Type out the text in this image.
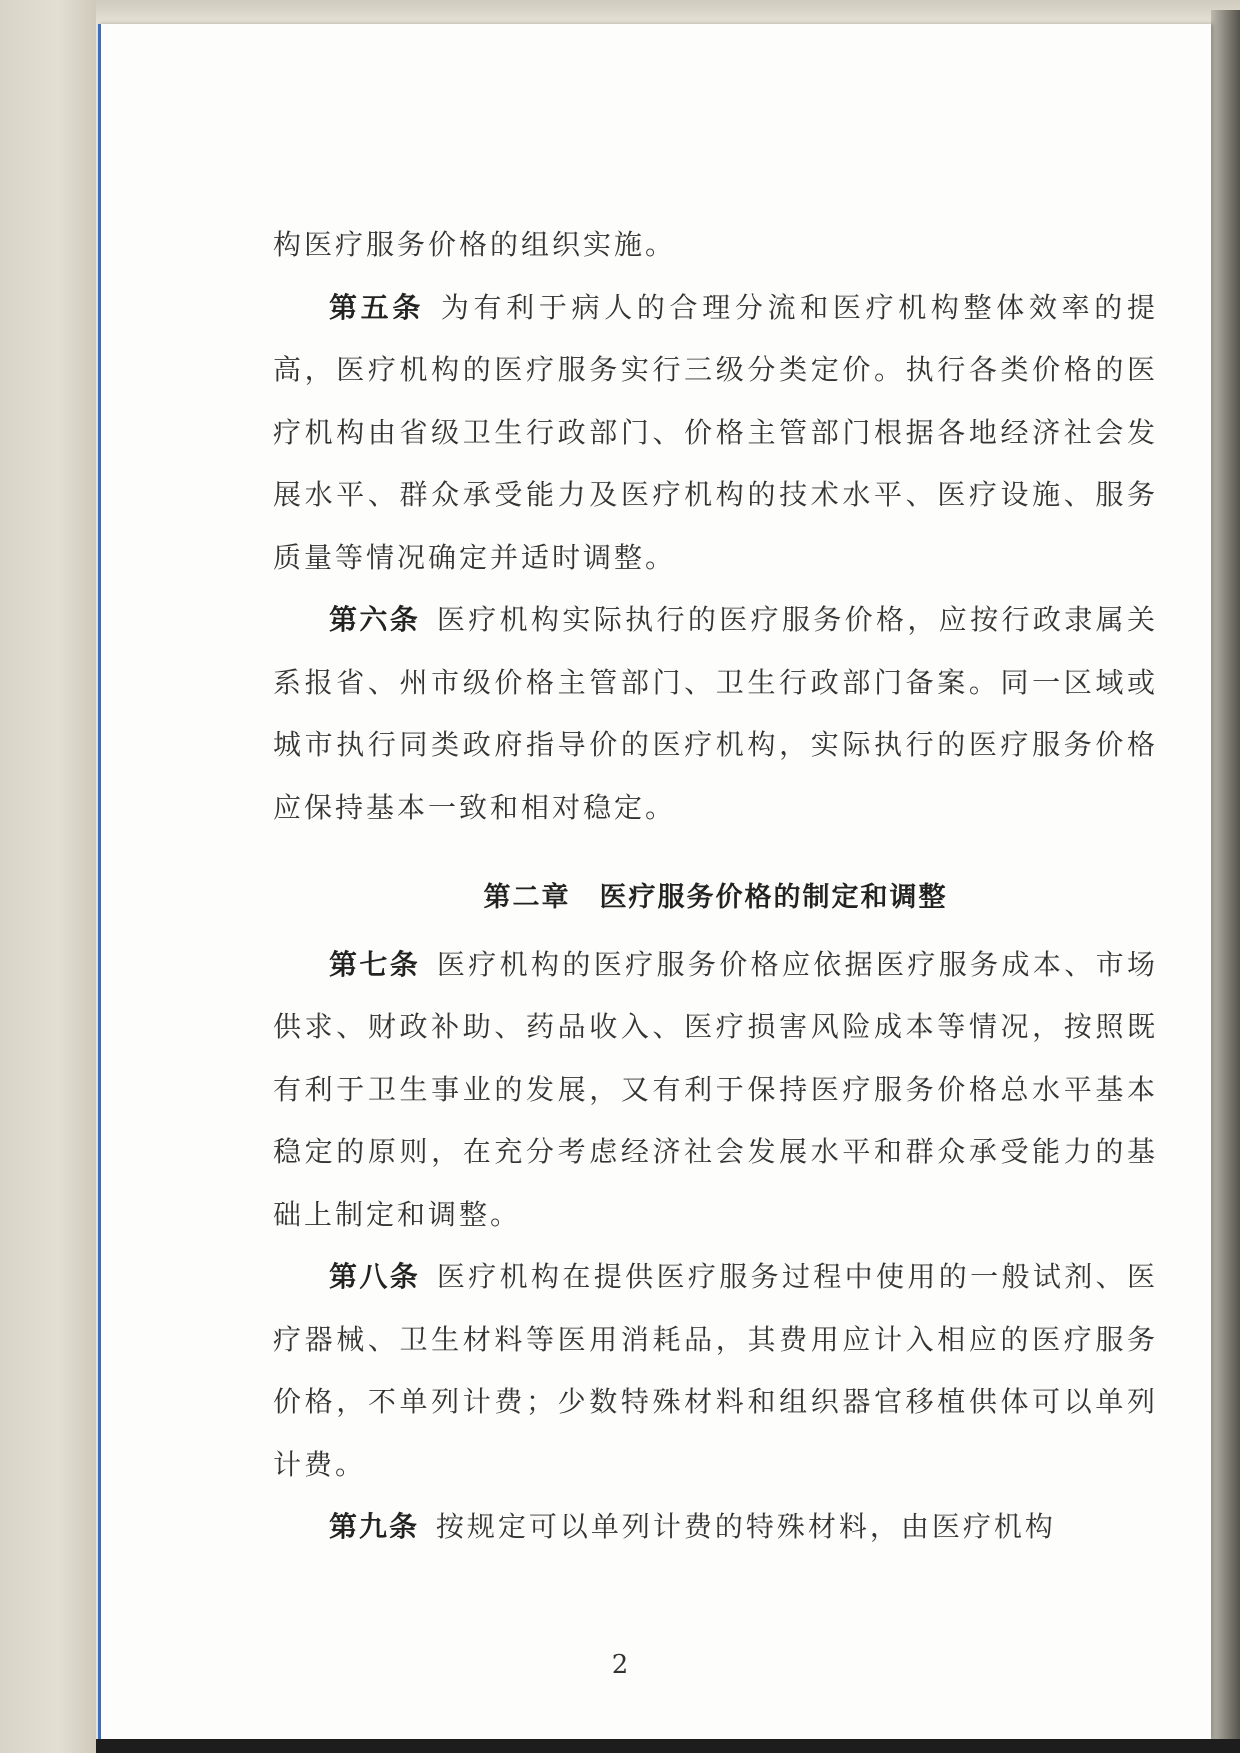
构医疗服务价格的组织实施。

第五条 为有利于病人的合理分流和医疗机构整体效率的提高，医疗机构的医疗服务实行三级分类定价。执行各类价格的医疗机构由省级卫生行政部门、价格主管部门根据各地经济社会发展水平、群众承受能力及医疗机构的技术水平、医疗设施、服务质量等情况确定并适时调整。

第六条 医疗机构实际执行的医疗服务价格，应按行政隶属关系报省、州市级价格主管部门、卫生行政部门备案。同一区域或城市执行同类政府指导价的医疗机构，实际执行的医疗服务价格应保持基本一致和相对稳定。

第二章　医疗服务价格的制定和调整

第七条 医疗机构的医疗服务价格应依据医疗服务成本、市场供求、财政补助、药品收入、医疗损害风险成本等情况，按照既有利于卫生事业的发展，又有利于保持医疗服务价格总水平基本稳定的原则，在充分考虑经济社会发展水平和群众承受能力的基础上制定和调整。

第八条 医疗机构在提供医疗服务过程中使用的一般试剂、医疗器械、卫生材料等医用消耗品，其费用应计入相应的医疗服务价格，不单列计费；少数特殊材料和组织器官移植供体可以单列计费。

第九条 按规定可以单列计费的特殊材料，由医疗机构

2
